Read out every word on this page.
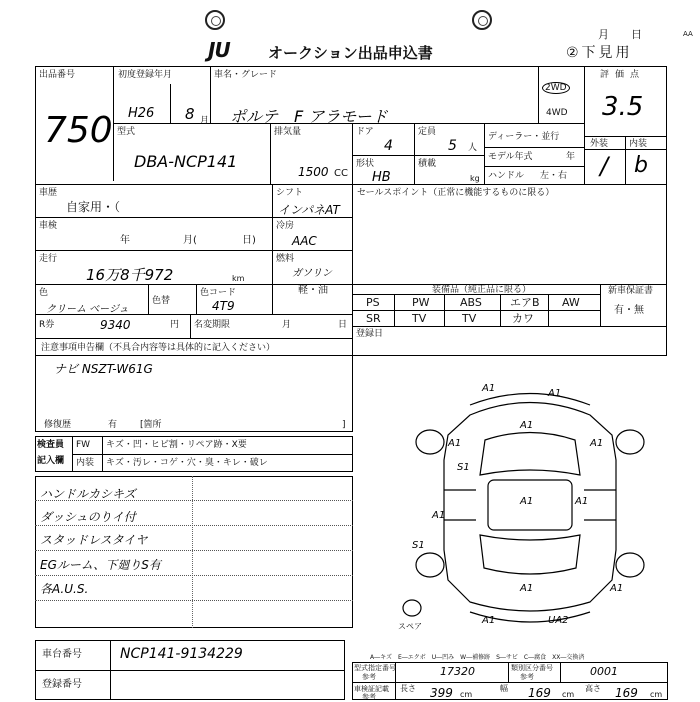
JU	オークション出品申込書
月　　日	AA
②下見用
出品番号
750
初度登録年月
H26 8 月
車名・グレード
ポルテ　F アラモード
2WD
4WD
評価点
3.5
外装 内装
/ b
型式
DBA-NCP141
排気量
1500 CC
ドア
4
定員
5 人
ディーラー・並行
モデル年式	年
ハンドル 左・右
形状
HB
積載
kg
車歴
自家用・（
シフト
インパネAT
セールスポイント（正常に機能するものに限る）
車検
年	月(	日)
冷房
AAC
走行
16万8千972	km
燃料
ガソリン
軽・油	装備品（純正品に限る）
PS	PW	ABS	エアB AW
SR	TV	TV	カワ
新車保証書
有・無
色
クリーム ベージュ
色替
色コード
4T9
R券	9340	円 名変期限	月	日
登録日
注意事項申告欄（不具合内容等は具体的に記入ください）
ナビ NSZT-W61G
修復歴	有	[箇所	]
検査員
記入欄
FW キズ・凹・ヒビ割・リペア跡・X要
内装 キズ・汚レ・コゲ・穴・臭・キレ・破レ
ハンドルカシキズ
ダッシュのりイ付
スタッドレスタイヤ
EGルーム、下廻りS有
各A.U.S.
A1	A1
A1
A1	A1
A1	A1
A1
A1	A1
S1
S1
A1	UA2
スペア
A―キズ　E―エクボ　U―凹み　W―補修跡　S―サビ　C―腐食　XX―交換済
車台番号	NCP141-9134229
登録番号
型式指定番号
参考	17320	類別区分番号
参考	0001
車検証記載
参考
長さ 399 cm
幅 169 cm
高さ 169 cm
